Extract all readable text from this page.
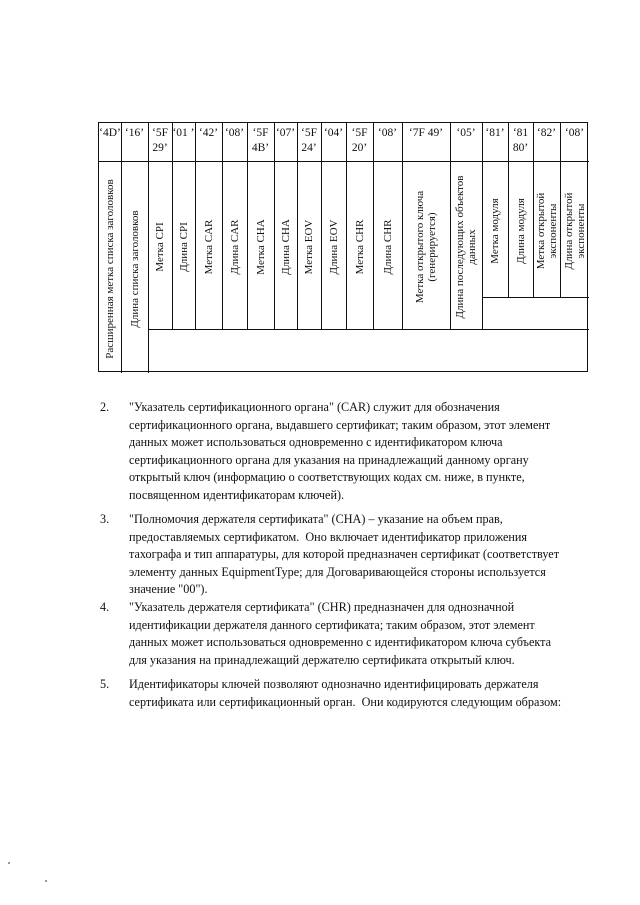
‘4D’
Расширенная метка списка заголовков
‘16’
Длина списка заголовков
‘5F 29’
Метка CPI
‘01 ’
Длина CPI
‘42’
Метка CAR
‘08’
Длина CAR
‘5F 4B’
Метка CHA
‘07’
Длина CHA
‘5F 24’
Метка EOV
‘04’
Длина EOV
‘5F 20’
Метка CHR
‘08’
Длина CHR
‘7F 49’
Метка открытого ключа (генерируется)
‘05’
Длина последующих объектов данных
‘81’
Метка модуля
‘81 80’
Длина модуля
‘82’
Метка открытой экспоненты
‘08’
Длина открытой экспоненты
2. "Указатель сертификационного органа" (CAR) служит для обозначения
сертификационного органа, выдавшего сертификат; таким образом, этот элемент
данных может использоваться одновременно с идентификатором ключа
сертификационного органа для указания на принадлежащий данному органу
открытый ключ (информацию о соответствующих кодах см. ниже, в пункте,
посвященном идентификаторам ключей).
3. "Полномочия держателя сертификата" (CHA) – указание на объем прав,
предоставляемых сертификатом.  Оно включает идентификатор приложения
тахографа и тип аппаратуры, для которой предназначен сертификат (соответствует
элементу данных EquipmentType; для Договаривающейся стороны используется
значение "00").
4. "Указатель держателя сертификата" (CHR) предназначен для однозначной
идентификации держателя данного сертификата; таким образом, этот элемент
данных может использоваться одновременно с идентификатором ключа субъекта
для указания на принадлежащий держателю сертификата открытый ключ.
5. Идентификаторы ключей позволяют однозначно идентифицировать держателя
сертификата или сертификационный орган.  Они кодируются следующим образом:
